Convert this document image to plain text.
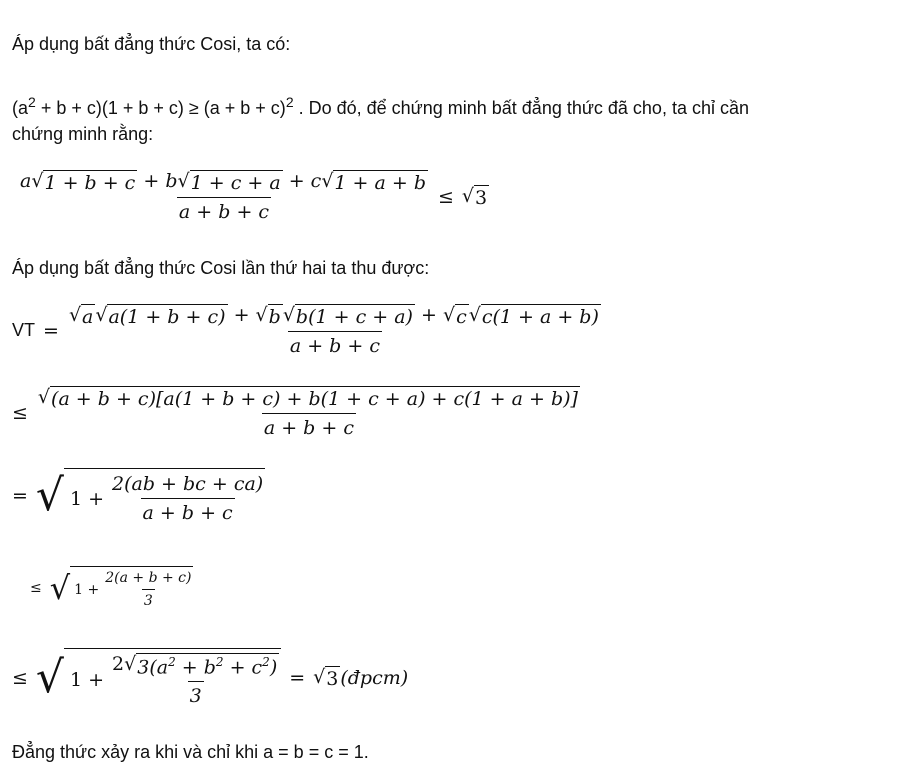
Áp dụng bất đẳng thức Cosi, ta có:
$(a^2 + b + c)(1 + b + c) \ge (a + b + c)^2$ . Do đó, để chứng minh bất đẳng thức đã cho, ta chỉ cần
chứng minh rằng:
$\frac{a √ 1 + b + c + b √ 1 + c + a + c √ 1 + a + b}{a + b + c}$ ≤ √ 3
Áp dụng bất đẳng thức Cosi lần thứ hai ta thu được:
VT = $\frac{√ a √ a(1 + b + c) + √ b √ b(1 + c + a) + √ c √ c(1 + a + b)}{a + b + c}$
≤ $\frac{√ (a + b + c)[a(1 + b + c) + b(1 + c + a) + c(1 + a + b)]}{a + b + c}$
= √ $1 + \frac{2(ab + bc + ca)}{a + b + c}$
≤ √ $1 + \frac{2(a + b + c)}{3}$
≤ √ $1 + \frac{2 √ 3(a^2 + b^2 + c^2)}{3}$ = √ 3 (đpcm)
Đẳng thức xảy ra khi và chỉ khi a = b = c = 1.
